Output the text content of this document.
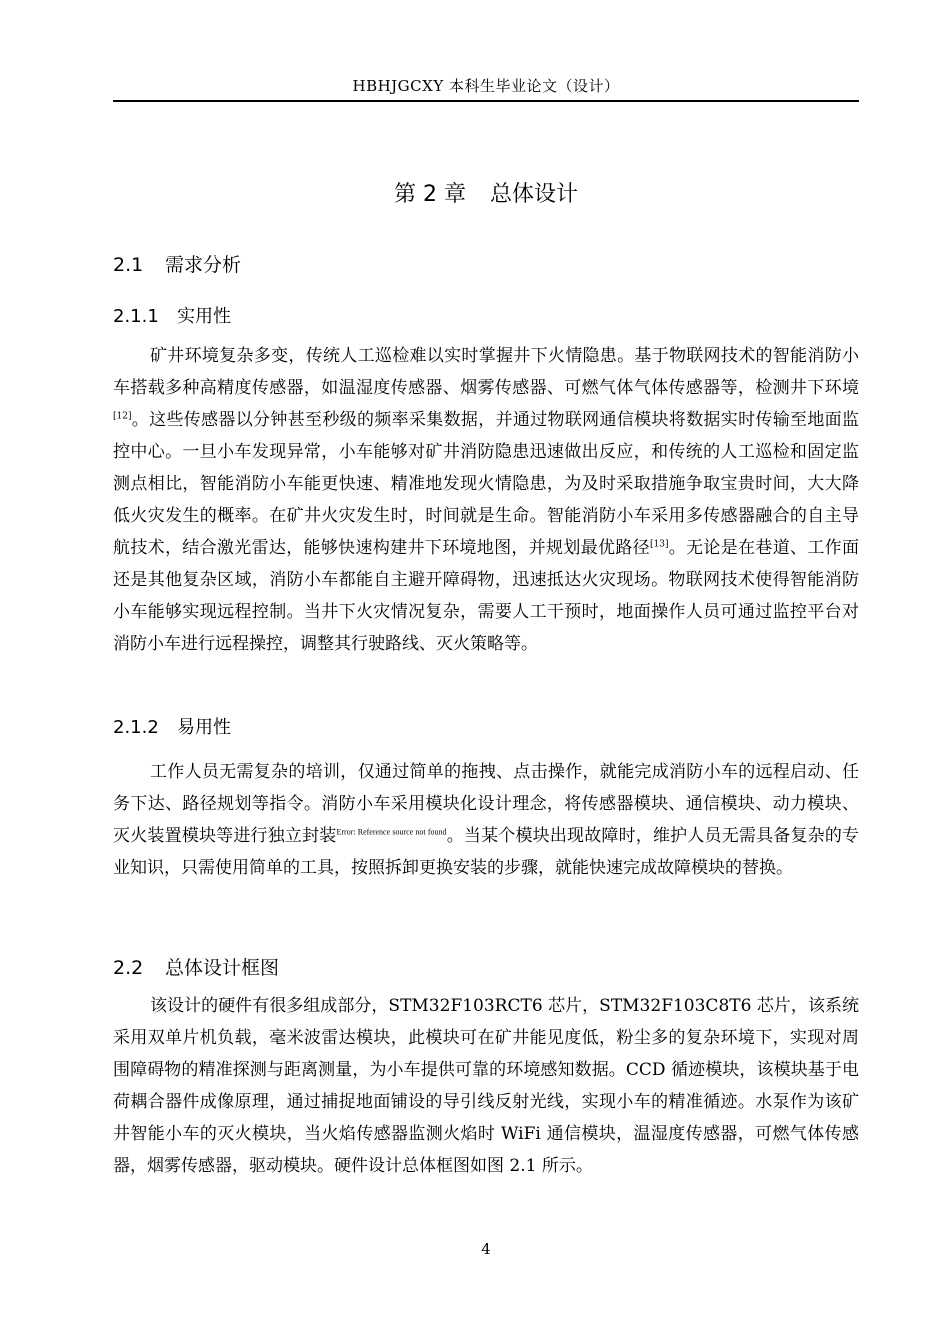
HBHJGCXY 本科生毕业论文（设计）
第 2 章 总体设计
2.1 需求分析
2.1.1 实用性

矿井环境复杂多变，传统人工巡检难以实时掌握井下火情隐患。基于物联网技术的智能消防小车搭载多种高精度传感器，如温湿度传感器、烟雾传感器、可燃气体气体传感器等，检测井下环境[12]。这些传感器以分钟甚至秒级的频率采集数据，并通过物联网通信模块将数据实时传输至地面监控中心。一旦小车发现异常，小车能够对矿井消防隐患迅速做出反应，和传统的人工巡检和固定监测点相比，智能消防小车能更快速、精准地发现火情隐患，为及时采取措施争取宝贵时间，大大降低火灾发生的概率。在矿井火灾发生时，时间就是生命。智能消防小车采用多传感器融合的自主导航技术，结合激光雷达，能够快速构建井下环境地图，并规划最优路径[13]。无论是在巷道、工作面还是其他复杂区域，消防小车都能自主避开障碍物，迅速抵达火灾现场。物联网技术使得智能消防小车能够实现远程控制。当井下火灾情况复杂，需要人工干预时，地面操作人员可通过监控平台对消防小车进行远程操控，调整其行驶路线、灭火策略等。

2.1.2 易用性

工作人员无需复杂的培训，仅通过简单的拖拽、点击操作，就能完成消防小车的远程启动、任务下达、路径规划等指令。消防小车采用模块化设计理念，将传感器模块、通信模块、动力模块、灭火装置模块等进行独立封装$^{Error: Reference source not found}$。当某个模块出现故障时，维护人员无需具备复杂的专业知识，只需使用简单的工具，按照拆卸更换安装的步骤，就能快速完成故障模块的替换。

2.2 总体设计框图

该设计的硬件有很多组成部分，STM32F103RCT6 芯片，STM32F103C8T6 芯片，该系统采用双单片机负载，毫米波雷达模块，此模块可在矿井能见度低，粉尘多的复杂环境下，实现对周围障碍物的精准探测与距离测量，为小车提供可靠的环境感知数据。CCD 循迹模块，该模块基于电荷耦合器件成像原理，通过捕捉地面铺设的导引线反射光线，实现小车的精准循迹。水泵作为该矿井智能小车的灭火模块，当火焰传感器监测火焰时 WiFi 通信模块，温湿度传感器，可燃气体传感器，烟雾传感器，驱动模块。硬件设计总体框图如图 2.1 所示。

4
